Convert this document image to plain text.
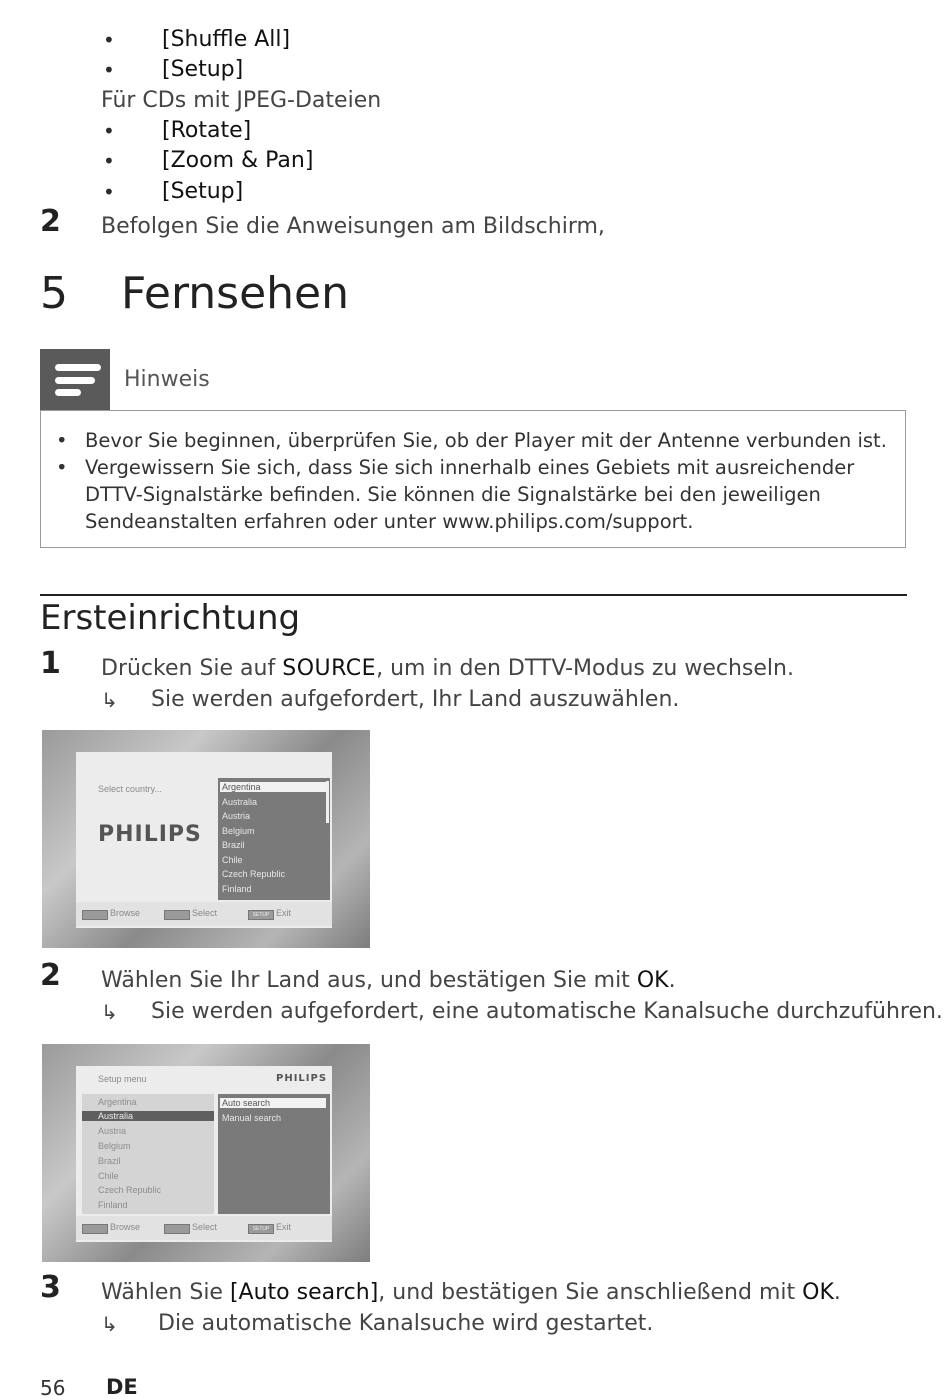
• [Shuffle All]
• [Setup]
Für CDs mit JPEG-Dateien
• [Rotate]
• [Zoom & Pan]
• [Setup]
2 Befolgen Sie die Anweisungen am Bildschirm,
5 Fernsehen
Hinweis
• Bevor Sie beginnen, überprüfen Sie, ob der Player mit der Antenne verbunden ist.
• Vergewissern Sie sich, dass Sie sich innerhalb eines Gebiets mit ausreichender
DTTV-Signalstärke befinden. Sie können die Signalstärke bei den jeweiligen
Sendeanstalten erfahren oder unter www.philips.com/support.
Ersteinrichtung
1 Drücken Sie auf SOURCE, um in den DTTV-Modus zu wechseln.
↳ Sie werden aufgefordert, Ihr Land auszuwählen.
Select country...
PHILIPS
Argentina
Australia
Austria
Belgium
Brazil
Chile
Czech Republic
Finland
Browse	Select	SETUP Exit
2 Wählen Sie Ihr Land aus, und bestätigen Sie mit OK.
↳ Sie werden aufgefordert, eine automatische Kanalsuche durchzuführen.
Setup menu	PHILIPS
Argentina
Australia
Austria
Belgium
Brazil
Chile
Czech Republic
Finland
Auto search
Manual search
Browse	Select	SETUP Exit
3 Wählen Sie [Auto search], und bestätigen Sie anschließend mit OK.
↳ Die automatische Kanalsuche wird gestartet.
56 DE
